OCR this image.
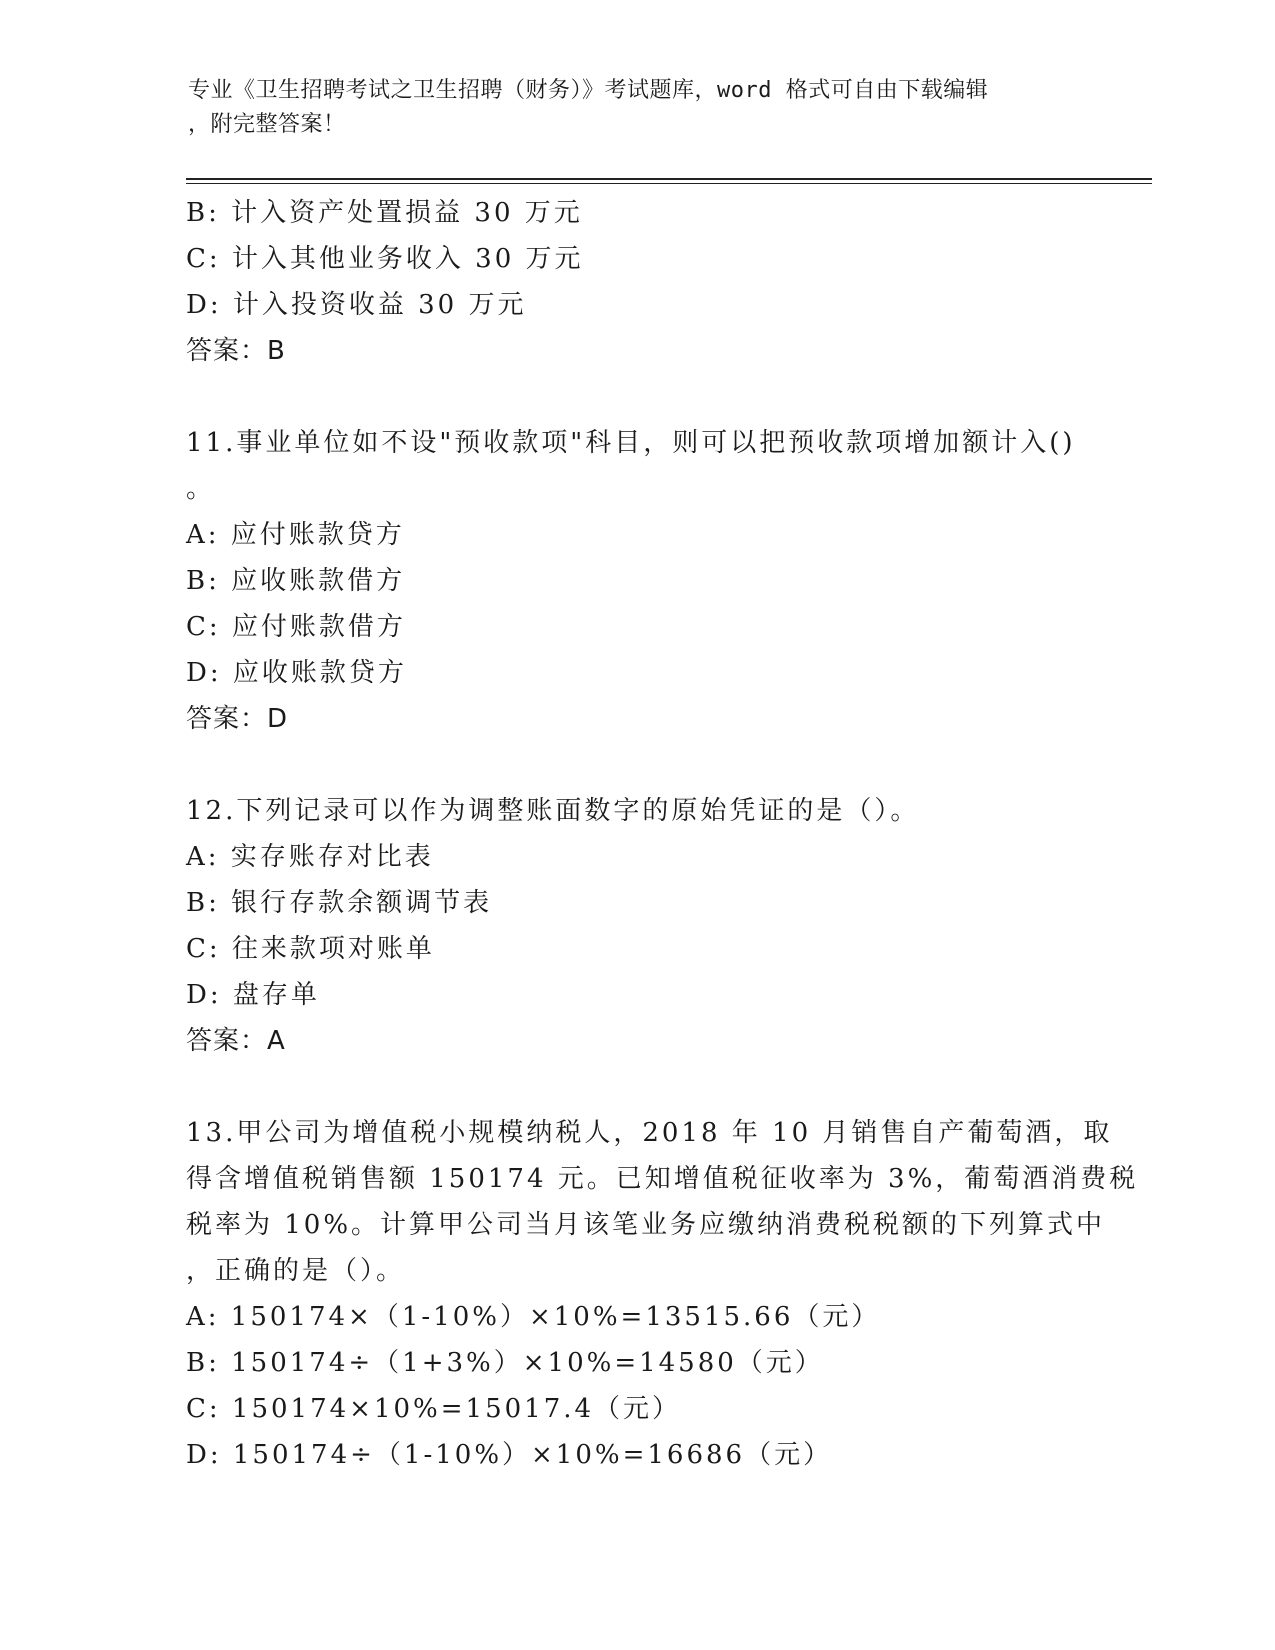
专业《卫生招聘考试之卫生招聘（财务）》考试题库，word 格式可自由下载编辑
，附完整答案！
B: 计入资产处置损益 30 万元
C: 计入其他业务收入 30 万元
D: 计入投资收益 30 万元
答案：B
11.事业单位如不设"预收款项"科目，则可以把预收款项增加额计入()
。
A: 应付账款贷方
B: 应收账款借方
C: 应付账款借方
D: 应收账款贷方
答案：D
12.下列记录可以作为调整账面数字的原始凭证的是（）。
A: 实存账存对比表
B: 银行存款余额调节表
C: 往来款项对账单
D: 盘存单
答案：A
13.甲公司为增值税小规模纳税人，2018 年 10 月销售自产葡萄酒，取
得含增值税销售额 150174 元。已知增值税征收率为 3%，葡萄酒消费税
税率为 10%。计算甲公司当月该笔业务应缴纳消费税税额的下列算式中
，正确的是（）。
A: 150174×（1-10%）×10%=13515.66（元）
B: 150174÷（1+3%）×10%=14580（元）
C: 150174×10%=15017.4（元）
D: 150174÷（1-10%）×10%=16686（元）
